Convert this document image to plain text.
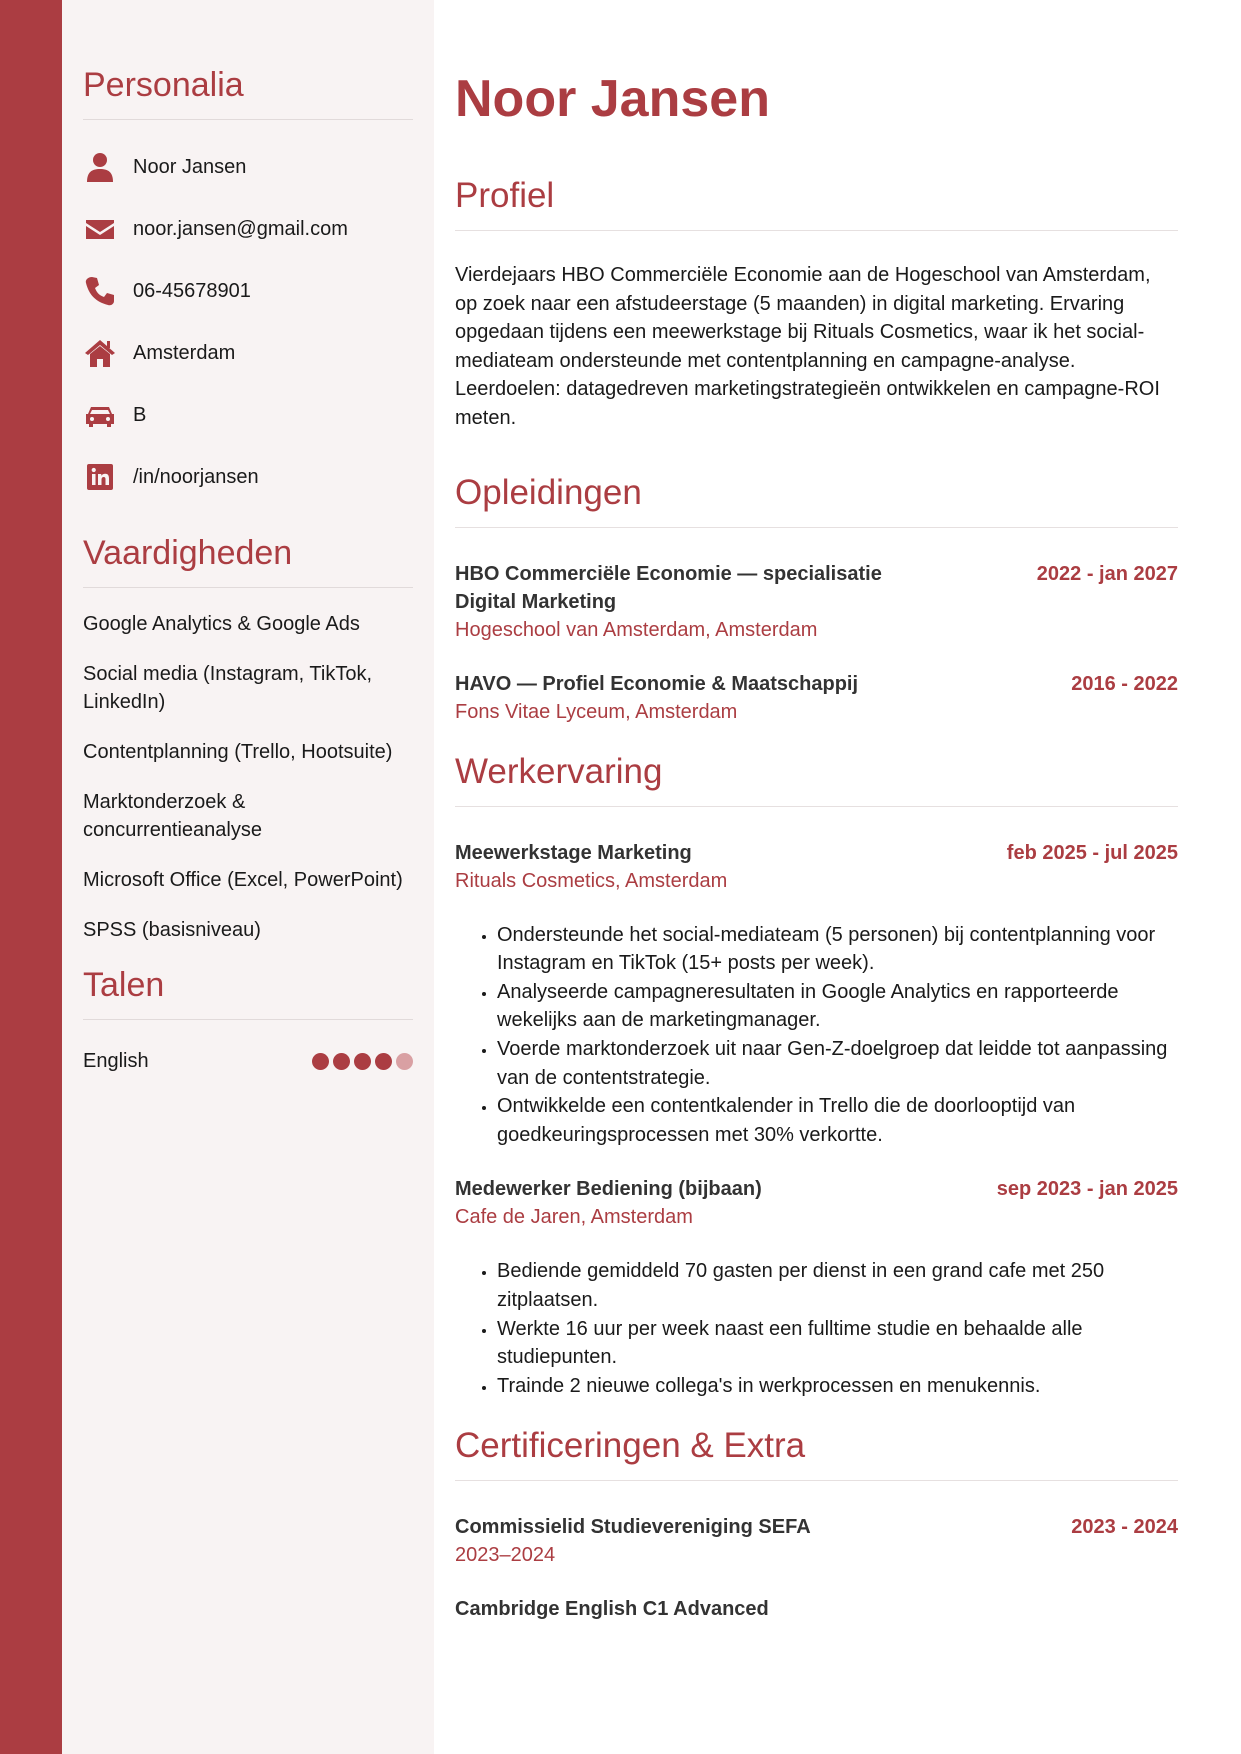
Personalia
Noor Jansen
noor.jansen@gmail.com
06-45678901
Amsterdam
B
/in/noorjansen
Vaardigheden
Google Analytics & Google Ads
Social media (Instagram, TikTok, LinkedIn)
Contentplanning (Trello, Hootsuite)
Marktonderzoek & concurrentieanalyse
Microsoft Office (Excel, PowerPoint)
SPSS (basisniveau)
Talen
English
Noor Jansen
Profiel

Vierdejaars HBO Commerciële Economie aan de Hogeschool van Amsterdam, op zoek naar een afstudeerstage (5 maanden) in digital marketing. Ervaring opgedaan tijdens een meewerkstage bij Rituals Cosmetics, waar ik het social-mediateam ondersteunde met contentplanning en campagne-analyse. Leerdoelen: datagedreven marketingstrategieën ontwikkelen en campagne-ROI meten.

Opleidingen
HBO Commerciële Economie — specialisatie Digital Marketing
2022 - jan 2027
Hogeschool van Amsterdam, Amsterdam
HAVO — Profiel Economie & Maatschappij	2016 - 2022
Fons Vitae Lyceum, Amsterdam
Werkervaring
Meewerkstage Marketing	feb 2025 - jul 2025
Rituals Cosmetics, Amsterdam
• Ondersteunde het social-mediateam (5 personen) bij contentplanning voor Instagram en TikTok (15+ posts per week).
• Analyseerde campagneresultaten in Google Analytics en rapporteerde wekelijks aan de marketingmanager.
• Voerde marktonderzoek uit naar Gen-Z-doelgroep dat leidde tot aanpassing van de contentstrategie.
• Ontwikkelde een contentkalender in Trello die de doorlooptijd van goedkeuringsprocessen met 30% verkortte.
Medewerker Bediening (bijbaan)	sep 2023 - jan 2025
Cafe de Jaren, Amsterdam
• Bediende gemiddeld 70 gasten per dienst in een grand cafe met 250 zitplaatsen.
• Werkte 16 uur per week naast een fulltime studie en behaalde alle studiepunten.
• Trainde 2 nieuwe collega's in werkprocessen en menukennis.
Certificeringen & Extra
Commissielid Studievereniging SEFA	2023 - 2024
2023–2024
Cambridge English C1 Advanced
